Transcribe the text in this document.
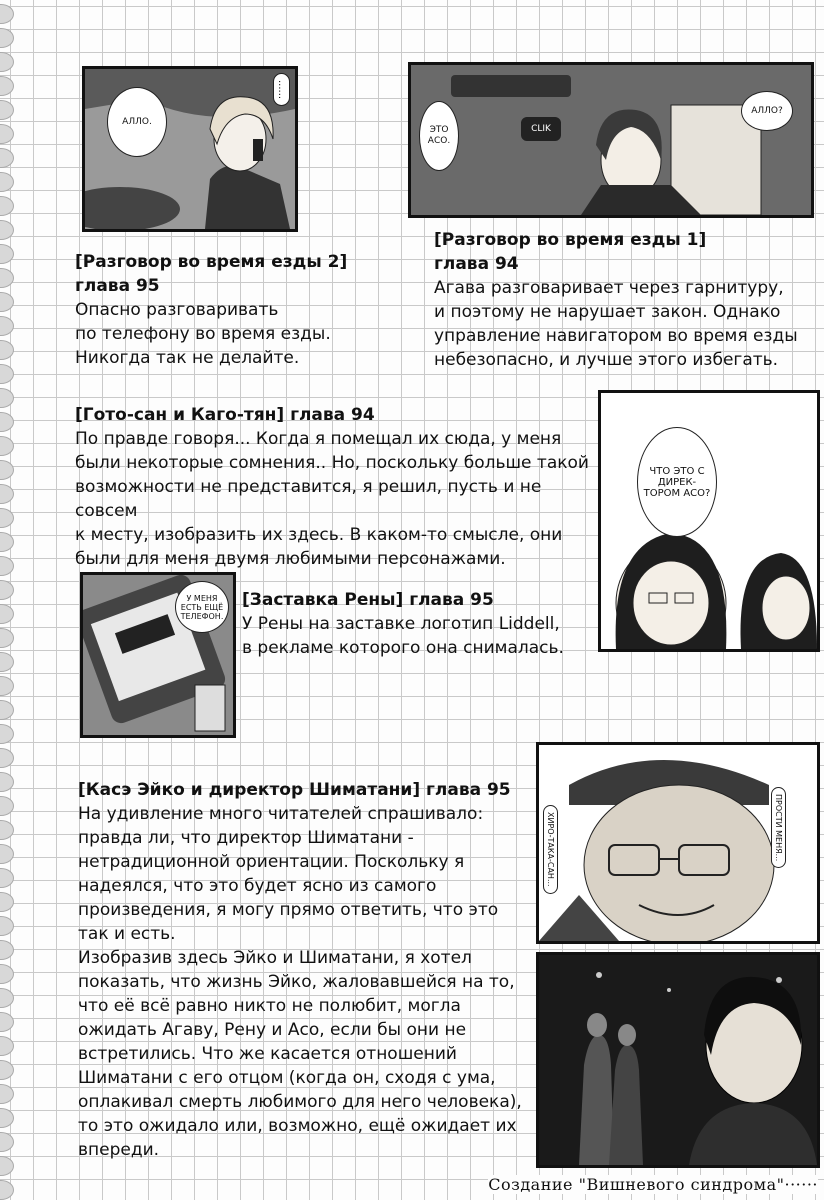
АЛЛО.
......
ЭТО АСО.
CLIK
АЛЛО?
[Разговор во время езды 2]
глава 95

Опасно разговаривать

по телефону во время езды.

Никогда так не делайте.

[Разговор во время езды 1]
глава 94

Агава разговаривает через гарнитуру,

и поэтому не нарушает закон. Однако

управление навигатором во время езды

небезопасно, и лучше этого избегать.

ЧТО ЭТО С ДИРЕК-ТОРОМ АСО?
[Гото-сан и Каго-тян] глава 94

По правде говоря... Когда я помещал их сюда, у меня

были некоторые сомнения.. Но, поскольку больше такой

возможности не представится, я решил, пусть и не совсем

к месту, изобразить их здесь. В каком-то смысле, они

были для меня двумя любимыми персонажами.

У МЕНЯ ЕСТЬ ЕЩЁ ТЕЛЕФОН.
[Заставка Рены] глава 95

У Рены на заставке логотип Liddell,

в рекламе которого она снималась.

ХИРО-ТАКА-САН...	ПРОСТИ МЕНЯ...
[Касэ Эйко и директор Шиматани] глава 95

На удивление много читателей спрашивало:

правда ли, что директор Шиматани -

нетрадиционной ориентации. Поскольку я

надеялся, что это будет ясно из самого

произведения, я могу прямо ответить, что это

так и есть.

Изобразив здесь Эйко и Шиматани, я хотел

показать, что жизнь Эйко, жаловавшейся на то,

что её всё равно никто не полюбит, могла

ожидать Агаву, Рену и Асо, если бы они не

встретились. Что же касается отношений

Шиматани с его отцом (когда он, сходя с ума,

оплакивал смерть любимого для него человека),

то это ожидало или, возможно, ещё ожидает их

впереди.

Создание "Вишневого синдрома"······
